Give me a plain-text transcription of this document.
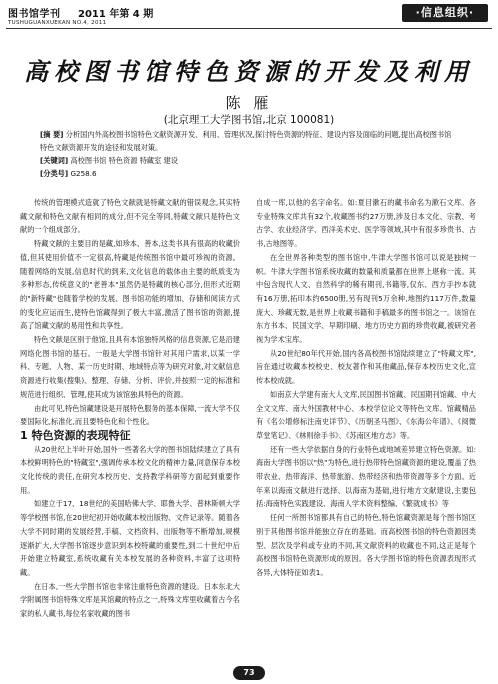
图书馆学刊 2011 年第 4 期
TUSHUGUANXUEKAN NO.4, 2011
·信息组织·
高校图书馆特色资源的开发及利用
陈 雁
(北京理工大学图书馆,北京 100081)
[摘 要] 分析国内外高校图书馆特色文献资源开发、利用、管理状况,探讨特色资源的特征、建设内容及面临的问题,提出高校图书馆特色文献资源开发的途径和发展对策。
[关键词] 高校图书馆 特色资源 特藏室 建设
[分类号] G258.6

传统的管理模式造就了特色文献就是特藏文献的错误观念,其实特藏文献和特色文献有相同的成分,但不完全等同,特藏文献只是特色文献的一个组成部分。

特藏文献的主要目的是藏,如珍本、善本,这类书具有很高的收藏价值,但其使用价值不一定很高,特藏是传统图书馆中最可珍视的资源。随着网络的发展,信息时代的到来,文化信息的载体由主要的纸质变为多种形态,传统意义的"老善本"虽然仍是特藏的核心部分,但形式近期的"新特藏"也随着学校的发展、图书馆功能的增加、存储和阅读方式的变化应运而生,使特色馆藏得到了极大丰富,激活了图书馆的资源,提高了馆藏文献的易用性和共享性。

特色文献是区别于他馆,且具有本馆独特风格的信息资源,它是沿建网络化图书馆的基石。一般是大学图书馆针对其用户需求,以某一学科、专题、人物、某一历史时期、地域特点等为研究对象,对文献信息资源进行收集(搜集)、整理、存储、分析、评价,并按照一定的标准和规范进行组织、管理,使其成为该馆独具特色的资源。

由此可见,特色馆藏建设是开展特色服务的基本保障,一流大学不仅要国际化,标准化,而且要特色化和个性化。

1 特色资源的表现特征

从20世纪上半叶开始,国外一些著名大学的图书馆陆续建立了具有本校鲜明特色的"特藏室",强调传承本校文化的精神力量,同意保存本校文化传统的责任,在研究本校历史、支持教学科研等方面起到重要作用。

如建立于17、18世纪的美国哈佛大学、耶鲁大学、普林斯顿大学等学校图书馆,在20世纪初开始收藏本校出版物、文件记录等。随着各大学不同时期的发展经营,手稿、文档资料、出版物等不断增加,规模逐渐扩大,大学图书馆逐步意识到本校特藏的重要性,到二十世纪中后开始建立特藏室,系统收藏有关本校发展的各种资料,丰富了这项特藏。

在日本,一些大学图书馆也非常注重特色资源的建设。日本东北大学附属图书馆特殊文库是其馆藏的特点之一,特殊文库里收藏着古今名家的私人藏书,每位名家收藏的图书

自成一库,以他的名字命名。如:夏目漱石的藏书命名为漱石文库。各专业特殊文库共有32个,收藏图书约27万册,涉及日本文化、宗教、考古学、农业经济学、西洋美术史、医学等领域,其中有很多珍贵书、古书,古地图等。

在全世界各种类型的图书馆中,牛津大学图书馆可以说是独树一帜。牛津大学图书馆系统收藏的数量和质量都在世界上堪称一流。其中包含现代人文、自然科学的稀有期刊,书籍等,仅东、西方手抄本就有16万册,拓印本约6500册,另有现刊5万余种,地图约117万件,数量庞大、珍藏无数,是世界上收藏书籍和手稿最多的图书馆之一。该馆在东方书本、民国文学、早期印刷、地方历史方面的珍贵收藏,被研究者视为学术宝库。

从20世纪80年代开始,国内各高校图书馆陆续建立了"特藏文库",旨在通过收藏本校校史、校友著作和其他藏品,保存本校历史文化,宣传本校成就。

如南京大学建有南大人文库,民国图书馆藏、民国期刊馆藏、中大全文文库、南大外国教材中心、本校学位论文等特色文库。馆藏精品有《名公增修标注南史详节》、《历朝圣马图》、《东海公年谱》、《阅微草堂笔记》、《林则徐手书》、《苏南区地方志》等。

还有一些大学依据自身的行业特色或地域差异建立特色资源。如:海南大学图书馆以"热"为特色,进行热带特色馆藏资源的建设,覆盖了热带农业、热带海洋、热带旅游、热带经济和热带资源等多个方面。近年来以海南文献进行选择、以海南为基础,进行地方文献建设,主要包括:海南特色实践建设、海南人学术资料整编、《繁就成书》等

任何一所图书馆都具有自己的特色,特色馆藏资源是每个图书馆区别于其他图书馆并能独立存在的基础。而高校图书馆的特色资源因类型、层次及学科或专业的不同,其文献资料的收藏也不同,这正是每个高校图书馆特色资源形成的原因。各大学图书馆的特色资源表现形式各异,大体特征如表1。

73
